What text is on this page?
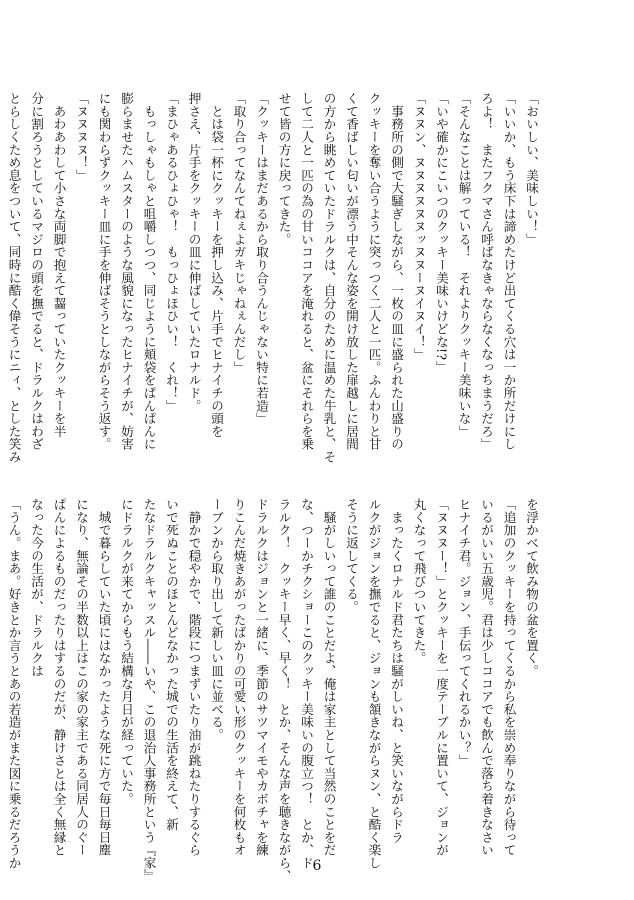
「おいしい、美味しい！」
「いいか、もう床下は諦めたけど出てくる穴は一か所だけにし
ろよ！　またフクマさん呼ばなきゃならなくなっちまうだろ」
「そんなことは解っている！　それよりクッキー美味いな」
「いや確かにこいつのクッキー美味いけどな!?」
「ヌヌン、ヌヌヌヌヌヌッヌヌーヌイヌイ！」
　事務所の側で大騒ぎしながら、一枚の皿に盛られた山盛りの
クッキーを奪い合うように突っつく二人と一匹。ふんわりと甘
くて香ばしい匂いが漂う中そんな姿を開け放した扉越しに居間
の方から眺めていたドラルクは、自分のために温めた牛乳と、そ
して二人と一匹の為の甘いココアを淹れると、盆にそれらを乗
せて皆の方に戻ってきた。
「クッキーはまだあるから取り合うんじゃない特に若造」
「取り合ってなんてねぇよガキじゃねぇんだし」
　とは袋一杯にクッキーを押し込み、片手でヒナイチの頭を
押さえ、片手をクッキーの皿に伸ばしていたロナルド。
「まひゃあるひょひゃ！　もっひょほひい！　くれ！」
　もっしゃもしゃと咀嚼しつつ、同じように頬袋をぱんぱんに
膨らませたハムスターのような風貌になったヒナイチが、妨害
にも関わらずクッキー皿に手を伸ばそうとしながらそう返す。
「ヌヌヌヌ！」
　あわあわして小さな両脚で抱えて齧っていたクッキーを半
分に割ろうとしているマジロの頭を撫でると、ドラルクはわざ
とらしくため息をついて、同時に酷く偉そうにニィ、とした笑み
を浮かべて飲み物の盆を置く。
「追加のクッキーを持ってくるから私を崇め奉りながら待って
いるがいい五歳児。君は少しココアでも飲んで落ち着きなさい
ヒナイチ君。ジョン、手伝ってくれるかい？」
「ヌヌヌー！」とクッキーを一度テーブルに置いて、ジョンが
丸くなって飛びついてきた。
　まったくロナルド君たちは騒がしいね、と笑いながらドラ
ルクがジョンを撫でると、ジョンも頷きながらヌン、と酷く楽し
そうに返してくる。
　騒がしいって誰のことだよ、俺は家主として当然のことをだ
な、つーかチクショーこのクッキー美味いの腹立つ！　とか、ド
ラルク！　クッキー早く、早く！　とか、そんな声を聴きながら、
ドラルクはジョンと一緒に、季節のサツマイモやカボチャを練
りこんだ焼きあがったばかりの可愛い形のクッキーを何枚もオ
ーブンから取り出して新しい皿に並べる。
　静かで穏やかで、階段につまずいたり油が跳ねたりするぐら
いで死ぬことのほとんどなかった城での生活を終えて、新
たなドラルクキャッスル――いや、この退治人事務所という『家』
にドラルクが来てからもう結構な月日が経っていた。
　城で暮らしていた頃にはなかったような死に方で毎日毎日塵
になり、無論その半数以上はこの家の家主である同居人のぐー
ぱんによるものだったりはするのだが、静けさとは全く無縁と
なった今の生活が、ドラルクは
「うん。まあ。好きとか言うとあの若造がまた図に乗るだろうか	6
